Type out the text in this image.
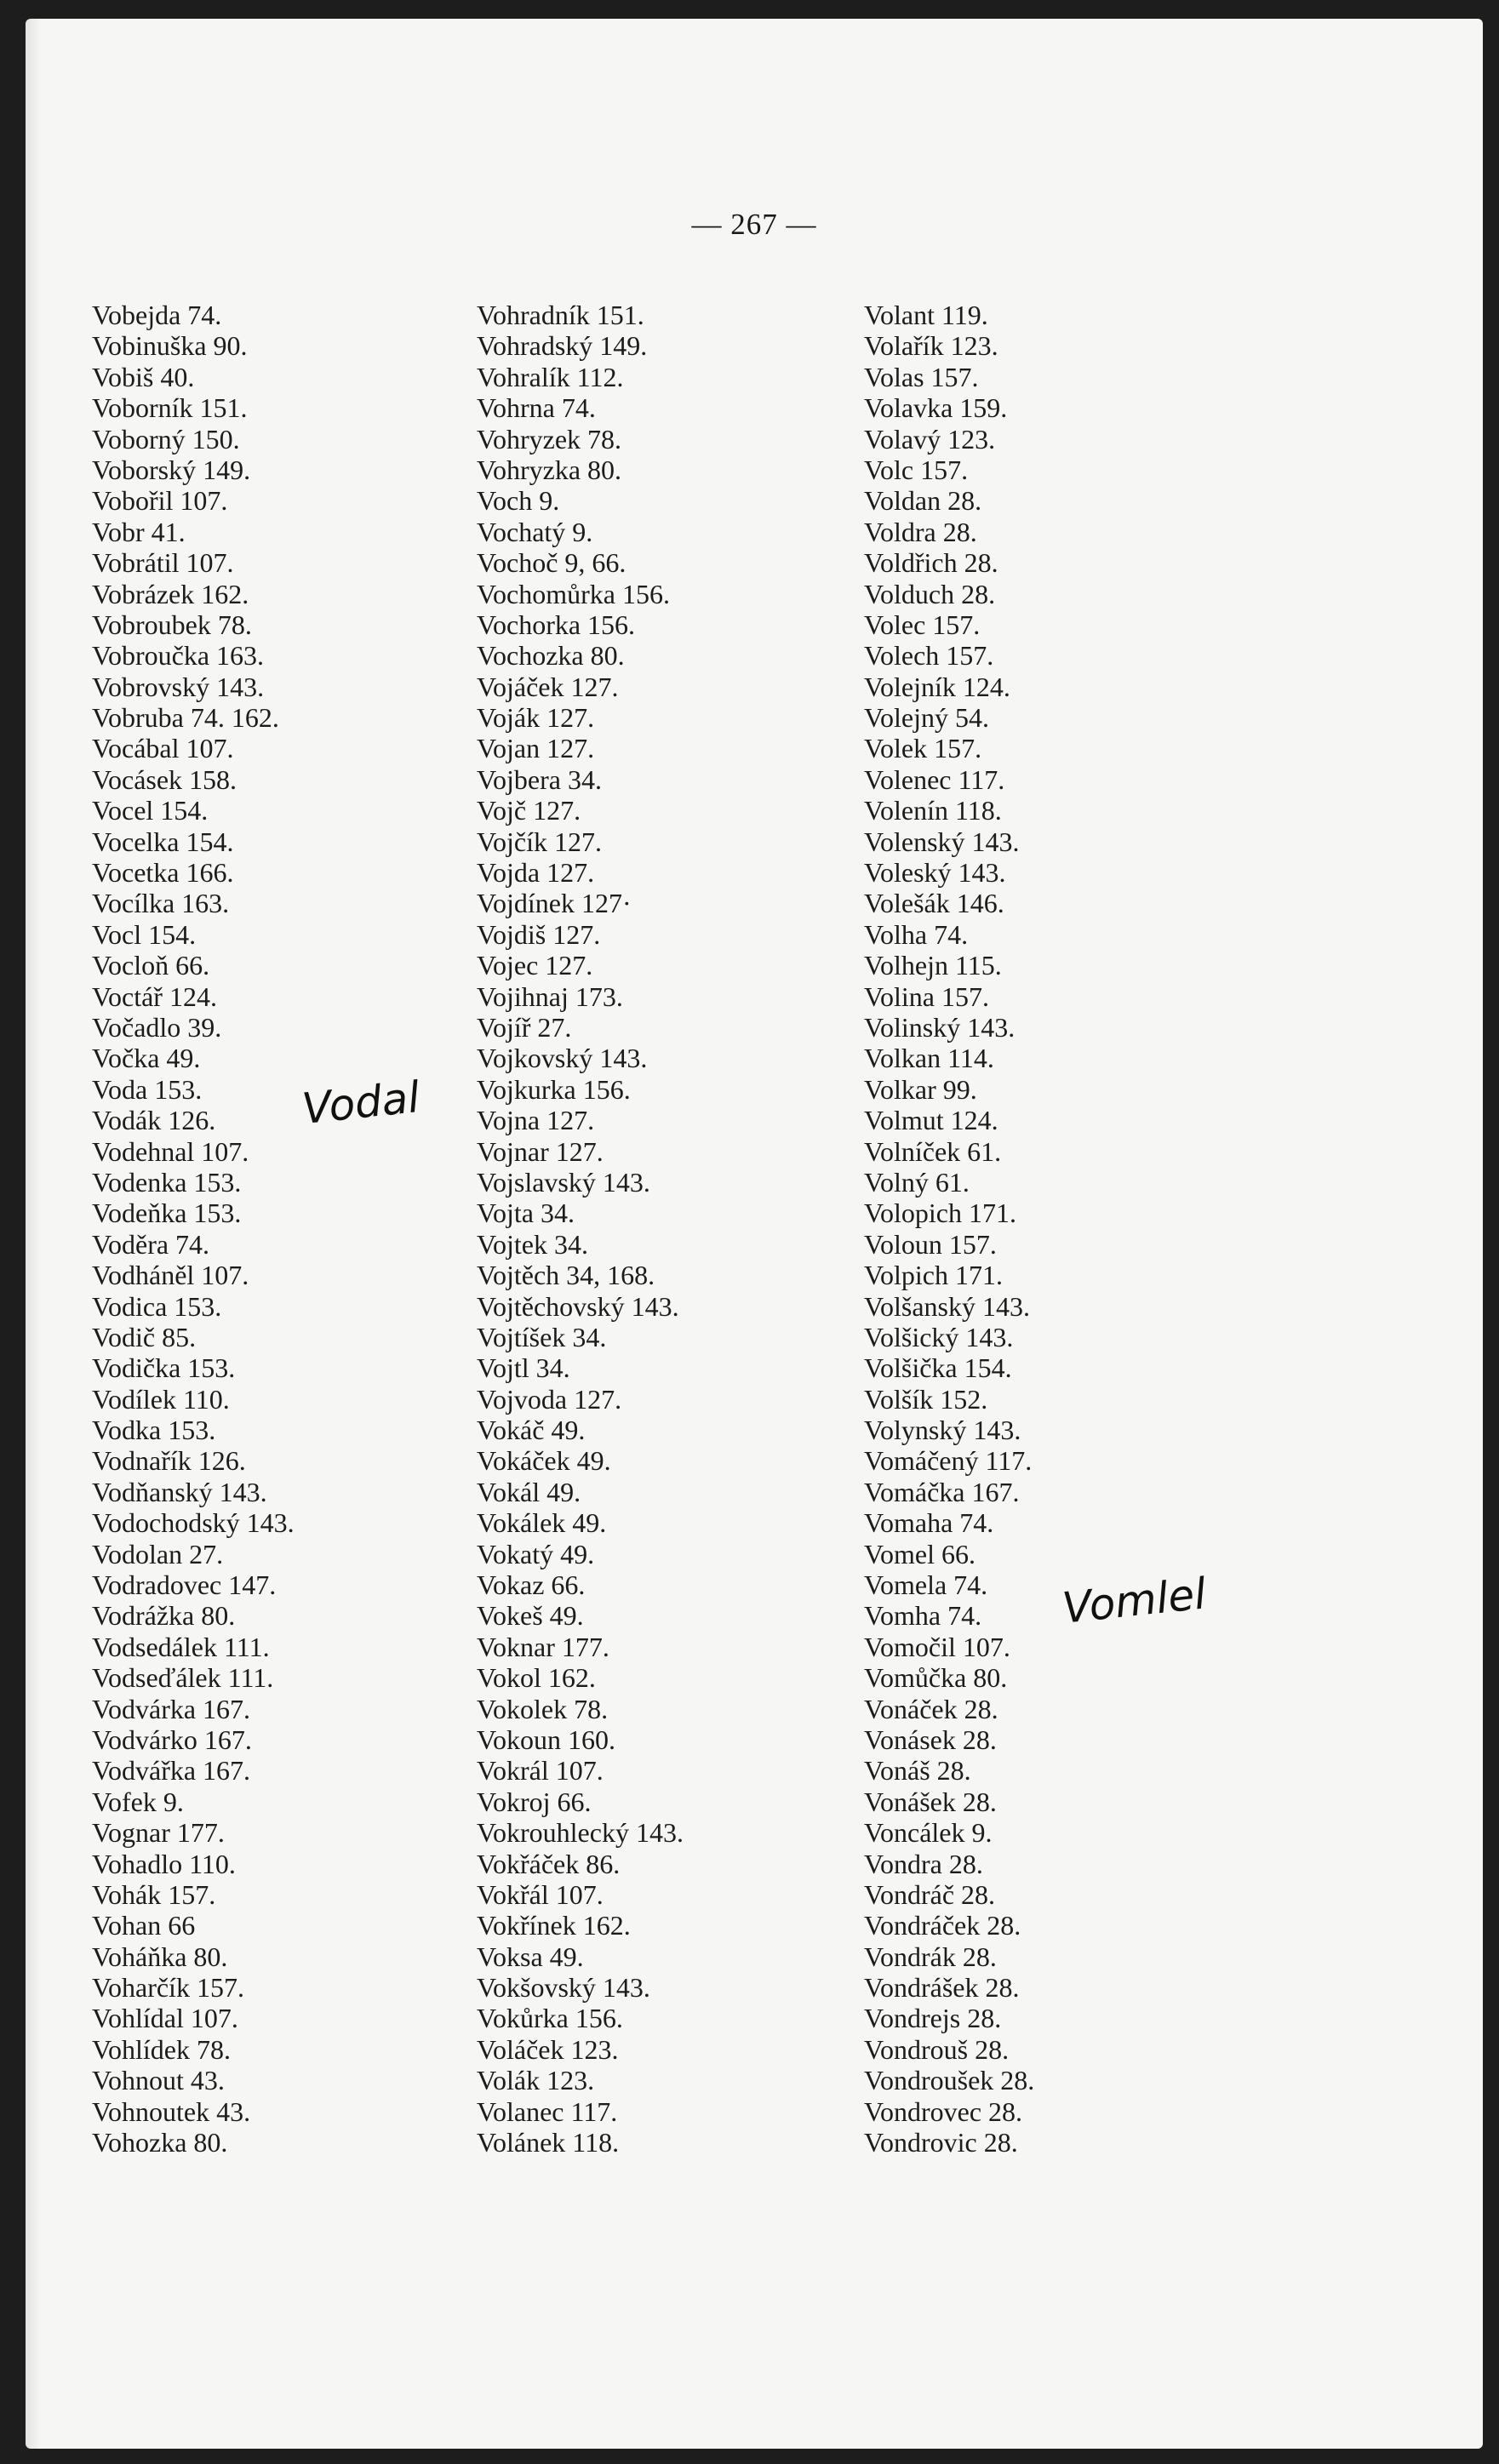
— 267 —
Vobejda 74.
Vobinuška 90.
Vobiš 40.
Voborník 151.
Voborný 150.
Voborský 149.
Vobořil 107.
Vobr 41.
Vobrátil 107.
Vobrázek 162.
Vobroubek 78.
Vobroučka 163.
Vobrovský 143.
Vobruba 74. 162.
Vocábal 107.
Vocásek 158.
Vocel 154.
Vocelka 154.
Vocetka 166.
Vocílka 163.
Vocl 154.
Vocloň 66.
Voctář 124.
Vočadlo 39.
Vočka 49.
Voda 153.
Vodák 126.
Vodehnal 107.
Vodenka 153.
Vodeňka 153.
Voděra 74.
Vodháněl 107.
Vodica 153.
Vodič 85.
Vodička 153.
Vodílek 110.
Vodka 153.
Vodnařík 126.
Vodňanský 143.
Vodochodský 143.
Vodolan 27.
Vodradovec 147.
Vodrážka 80.
Vodsedálek 111.
Vodseďálek 111.
Vodvárka 167.
Vodvárko 167.
Vodvářka 167.
Vofek 9.
Vognar 177.
Vohadlo 110.
Vohák 157.
Vohan 66
Voháňka 80.
Voharčík 157.
Vohlídal 107.
Vohlídek 78.
Vohnout 43.
Vohnoutek 43.
Vohozka 80.
Vohradník 151.
Vohradský 149.
Vohralík 112.
Vohrna 74.
Vohryzek 78.
Vohryzka 80.
Voch 9.
Vochatý 9.
Vochoč 9, 66.
Vochomůrka 156.
Vochorka 156.
Vochozka 80.
Vojáček 127.
Voják 127.
Vojan 127.
Vojbera 34.
Vojč 127.
Vojčík 127.
Vojda 127.
Vojdínek 127·
Vojdiš 127.
Vojec 127.
Vojihnaj 173.
Vojíř 27.
Vojkovský 143.
Vojkurka 156.
Vojna 127.
Vojnar 127.
Vojslavský 143.
Vojta 34.
Vojtek 34.
Vojtěch 34, 168.
Vojtěchovský 143.
Vojtíšek 34.
Vojtl 34.
Vojvoda 127.
Vokáč 49.
Vokáček 49.
Vokál 49.
Vokálek 49.
Vokatý 49.
Vokaz 66.
Vokeš 49.
Voknar 177.
Vokol 162.
Vokolek 78.
Vokoun 160.
Vokrál 107.
Vokroj 66.
Vokrouhlecký 143.
Vokřáček 86.
Vokřál 107.
Vokřínek 162.
Voksa 49.
Vokšovský 143.
Vokůrka 156.
Voláček 123.
Volák 123.
Volanec 117.
Volánek 118.
Volant 119.
Volařík 123.
Volas 157.
Volavka 159.
Volavý 123.
Volc 157.
Voldan 28.
Voldra 28.
Voldřich 28.
Volduch 28.
Volec 157.
Volech 157.
Volejník 124.
Volejný 54.
Volek 157.
Volenec 117.
Volenín 118.
Volenský 143.
Voleský 143.
Volešák 146.
Volha 74.
Volhejn 115.
Volina 157.
Volinský 143.
Volkan 114.
Volkar 99.
Volmut 124.
Volníček 61.
Volný 61.
Volopich 171.
Voloun 157.
Volpich 171.
Volšanský 143.
Volšický 143.
Volšička 154.
Volšík 152.
Volynský 143.
Vomáčený 117.
Vomáčka 167.
Vomaha 74.
Vomel 66.
Vomela 74.
Vomha 74.
Vomočil 107.
Vomůčka 80.
Vonáček 28.
Vonásek 28.
Vonáš 28.
Vonášek 28.
Voncálek 9.
Vondra 28.
Vondráč 28.
Vondráček 28.
Vondrák 28.
Vondrášek 28.
Vondrejs 28.
Vondrouš 28.
Vondroušek 28.
Vondrovec 28.
Vondrovic 28.
Vodal
Vomlel
